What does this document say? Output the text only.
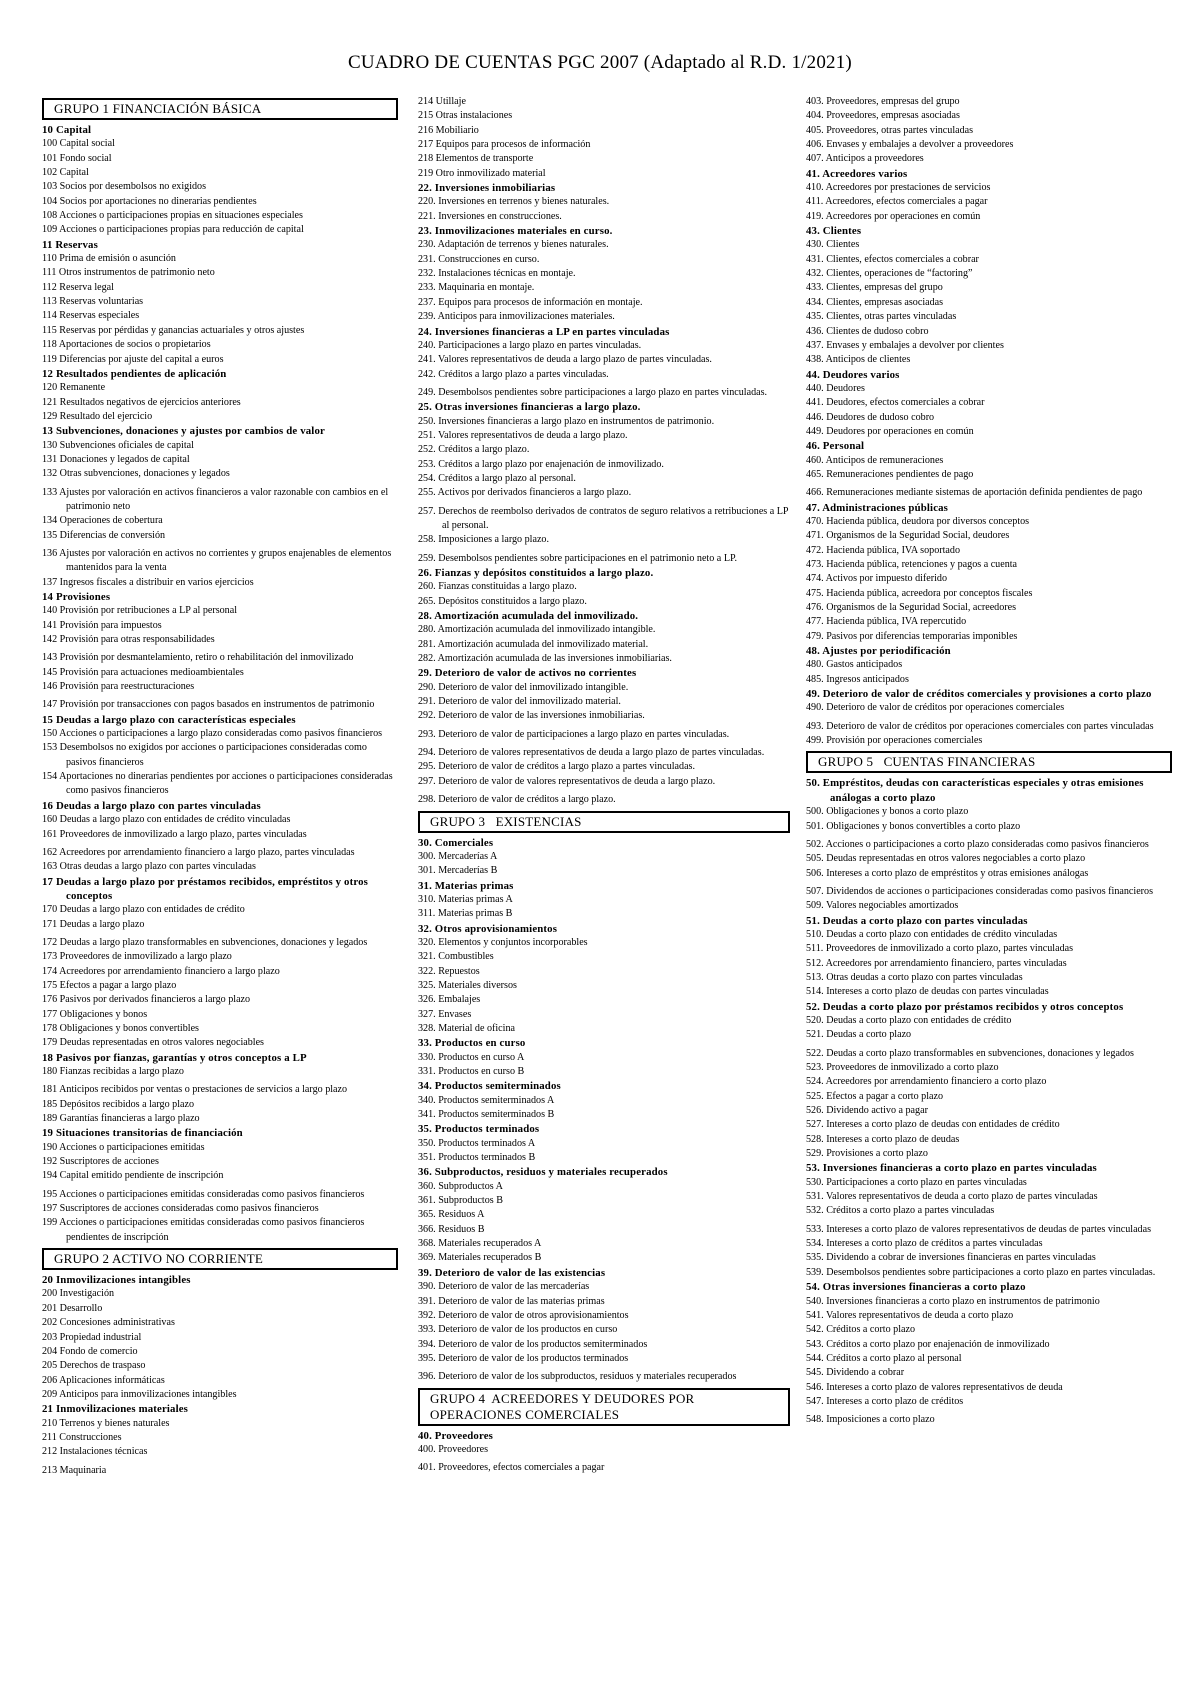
CUADRO DE CUENTAS PGC 2007 (Adaptado al R.D. 1/2021)
GRUPO 1 FINANCIACIÓN BÁSICA
10 Capital
100 Capital social
101 Fondo social
102 Capital
103 Socios por desembolsos no exigidos
104 Socios por aportaciones no dinerarias pendientes
108 Acciones o participaciones propias en situaciones especiales
109 Acciones o participaciones propias para reducción de capital
11 Reservas
110 Prima de emisión o asunción
111 Otros instrumentos de patrimonio neto
112 Reserva legal
113 Reservas voluntarias
114 Reservas especiales
115 Reservas por pérdidas y ganancias actuariales y otros ajustes
118 Aportaciones de socios o propietarios
119 Diferencias por ajuste del capital a euros
12 Resultados pendientes de aplicación
120 Remanente
121 Resultados negativos de ejercicios anteriores
129 Resultado del ejercicio
13 Subvenciones, donaciones y ajustes por cambios de valor
130 Subvenciones oficiales de capital
131 Donaciones y legados de capital
132 Otras subvenciones, donaciones y legados
133 Ajustes por valoración en activos financieros a valor razonable con cambios en el patrimonio neto
134 Operaciones de cobertura
135 Diferencias de conversión
136 Ajustes por valoración en activos no corrientes y grupos enajenables de elementos mantenidos para la venta
137 Ingresos fiscales a distribuir en varios ejercicios
14 Provisiones
140 Provisión por retribuciones a LP al personal
141 Provisión para impuestos
142 Provisión para otras responsabilidades
143 Provisión por desmantelamiento, retiro o rehabilitación del inmovilizado
145 Provisión para actuaciones medioambientales
146 Provisión para reestructuraciones
147 Provisión por transacciones con pagos basados en instrumentos de patrimonio
15 Deudas a largo plazo con características especiales
150 Acciones o participaciones a largo plazo consideradas como pasivos financieros
153 Desembolsos no exigidos por acciones o participaciones consideradas como pasivos financieros
154 Aportaciones no dinerarias pendientes por acciones o participaciones consideradas como pasivos financieros
16 Deudas a largo plazo con partes vinculadas
160 Deudas a largo plazo con entidades de crédito vinculadas
161 Proveedores de inmovilizado a largo plazo, partes vinculadas
162 Acreedores por arrendamiento financiero a largo plazo, partes vinculadas
163 Otras deudas a largo plazo con partes vinculadas
17 Deudas a largo plazo por préstamos recibidos, empréstitos y otros conceptos
170 Deudas a largo plazo con entidades de crédito
171 Deudas a largo plazo
172 Deudas a largo plazo transformables en subvenciones, donaciones y legados
173 Proveedores de inmovilizado a largo plazo
174 Acreedores por arrendamiento financiero a largo plazo
175 Efectos a pagar a largo plazo
176 Pasivos por derivados financieros a largo plazo
177 Obligaciones y bonos
178 Obligaciones y bonos convertibles
179 Deudas representadas en otros valores negociables
18 Pasivos por fianzas, garantías y otros conceptos a LP
180 Fianzas recibidas a largo plazo
181 Anticipos recibidos por ventas o prestaciones de servicios a largo plazo
185 Depósitos recibidos a largo plazo
189 Garantías financieras a largo plazo
19 Situaciones transitorias de financiación
190 Acciones o participaciones emitidas
192 Suscriptores de acciones
194 Capital emitido pendiente de inscripción
195 Acciones o participaciones emitidas consideradas como pasivos financieros
197 Suscriptores de acciones consideradas como pasivos financieros
199 Acciones o participaciones emitidas consideradas como pasivos financieros pendientes de inscripción
GRUPO 2 ACTIVO NO CORRIENTE
20 Inmovilizaciones intangibles
200 Investigación
201 Desarrollo
202 Concesiones administrativas
203 Propiedad industrial
204 Fondo de comercio
205 Derechos de traspaso
206 Aplicaciones informáticas
209 Anticipos para inmovilizaciones intangibles
21 Inmovilizaciones materiales
210 Terrenos y bienes naturales
211 Construcciones
212 Instalaciones técnicas
213 Maquinaria
214 Utillaje
215 Otras instalaciones
216 Mobiliario
217 Equipos para procesos de información
218 Elementos de transporte
219 Otro inmovilizado material
22. Inversiones inmobiliarias
220. Inversiones en terrenos y bienes naturales.
221. Inversiones en construcciones.
23. Inmovilizaciones materiales en curso.
230. Adaptación de terrenos y bienes naturales.
231. Construcciones en curso.
232. Instalaciones técnicas en montaje.
233. Maquinaria en montaje.
237. Equipos para procesos de información en montaje.
239. Anticipos para inmovilizaciones materiales.
24. Inversiones financieras a LP en partes vinculadas
240. Participaciones a largo plazo en partes vinculadas.
241. Valores representativos de deuda a largo plazo de partes vinculadas.
242. Créditos a largo plazo a partes vinculadas.
249. Desembolsos pendientes sobre participaciones a largo plazo en partes vinculadas.
25. Otras inversiones financieras a largo plazo.
250. Inversiones financieras a largo plazo en instrumentos de patrimonio.
251. Valores representativos de deuda a largo plazo.
252. Créditos a largo plazo.
253. Créditos a largo plazo por enajenación de inmovilizado.
254. Créditos a largo plazo al personal.
255. Activos por derivados financieros a largo plazo.
257. Derechos de reembolso derivados de contratos de seguro relativos a retribuciones a LP al personal.
258. Imposiciones a largo plazo.
259. Desembolsos pendientes sobre participaciones en el patrimonio neto a LP.
26. Fianzas y depósitos constituidos a largo plazo.
260. Fianzas constituidas a largo plazo.
265. Depósitos constituidos a largo plazo.
28. Amortización acumulada del inmovilizado.
280. Amortización acumulada del inmovilizado intangible.
281. Amortización acumulada del inmovilizado material.
282. Amortización acumulada de las inversiones inmobiliarias.
29. Deterioro de valor de activos no corrientes
290. Deterioro de valor del inmovilizado intangible.
291. Deterioro de valor del inmovilizado material.
292. Deterioro de valor de las inversiones inmobiliarias.
293. Deterioro de valor de participaciones a largo plazo en partes vinculadas.
294. Deterioro de valores representativos de deuda a largo plazo de partes vinculadas.
295. Deterioro de valor de créditos a largo plazo a partes vinculadas.
297. Deterioro de valor de valores representativos de deuda a largo plazo.
298. Deterioro de valor de créditos a largo plazo.
GRUPO 3   EXISTENCIAS
30. Comerciales
300. Mercaderías A
301. Mercaderías B
31. Materias primas
310. Materias primas A
311. Materias primas B
32. Otros aprovisionamientos
320. Elementos y conjuntos incorporables
321. Combustibles
322. Repuestos
325. Materiales diversos
326. Embalajes
327. Envases
328. Material de oficina
33. Productos en curso
330. Productos en curso A
331. Productos en curso B
34. Productos semiterminados
340. Productos semiterminados A
341. Productos semiterminados B
35. Productos terminados
350. Productos terminados A
351. Productos terminados B
36. Subproductos, residuos y materiales recuperados
360. Subproductos A
361. Subproductos B
365. Residuos A
366. Residuos B
368. Materiales recuperados A
369. Materiales recuperados B
39. Deterioro de valor de las existencias
390. Deterioro de valor de las mercaderías
391. Deterioro de valor de las materias primas
392. Deterioro de valor de otros aprovisionamientos
393. Deterioro de valor de los productos en curso
394. Deterioro de valor de los productos semiterminados
395. Deterioro de valor de los productos terminados
396. Deterioro de valor de los subproductos, residuos y materiales recuperados
GRUPO 4  ACREEDORES Y DEUDORES POR OPERACIONES COMERCIALES
40. Proveedores
400. Proveedores
401. Proveedores, efectos comerciales a pagar
403. Proveedores, empresas del grupo
404. Proveedores, empresas asociadas
405. Proveedores, otras partes vinculadas
406. Envases y embalajes a devolver a proveedores
407. Anticipos a proveedores
41. Acreedores varios
410. Acreedores por prestaciones de servicios
411. Acreedores, efectos comerciales a pagar
419. Acreedores por operaciones en común
43. Clientes
430. Clientes
431. Clientes, efectos comerciales a cobrar
432. Clientes, operaciones de “factoring”
433. Clientes, empresas del grupo
434. Clientes, empresas asociadas
435. Clientes, otras partes vinculadas
436. Clientes de dudoso cobro
437. Envases y embalajes a devolver por clientes
438. Anticipos de clientes
44. Deudores varios
440. Deudores
441. Deudores, efectos comerciales a cobrar
446. Deudores de dudoso cobro
449. Deudores por operaciones en común
46. Personal
460. Anticipos de remuneraciones
465. Remuneraciones pendientes de pago
466. Remuneraciones mediante sistemas de aportación definida pendientes de pago
47. Administraciones públicas
470. Hacienda pública, deudora por diversos conceptos
471. Organismos de la Seguridad Social, deudores
472. Hacienda pública, IVA soportado
473. Hacienda pública, retenciones y pagos a cuenta
474. Activos por impuesto diferido
475. Hacienda pública, acreedora por conceptos fiscales
476. Organismos de la Seguridad Social, acreedores
477. Hacienda pública, IVA repercutido
479. Pasivos por diferencias temporarias imponibles
48. Ajustes por periodificación
480. Gastos anticipados
485. Ingresos anticipados
49. Deterioro de valor de créditos comerciales y provisiones a corto plazo
490. Deterioro de valor de créditos por operaciones comerciales
493. Deterioro de valor de créditos por operaciones comerciales con partes vinculadas
499. Provisión por operaciones comerciales
GRUPO 5   CUENTAS FINANCIERAS
50. Empréstitos, deudas con características especiales y otras emisiones análogas a corto plazo
500. Obligaciones y bonos a corto plazo
501. Obligaciones y bonos convertibles a corto plazo
502. Acciones o participaciones a corto plazo consideradas como pasivos financieros
505. Deudas representadas en otros valores negociables a corto plazo
506. Intereses a corto plazo de empréstitos y otras emisiones análogas
507. Dividendos de acciones o participaciones consideradas como pasivos financieros
509. Valores negociables amortizados
51. Deudas a corto plazo con partes vinculadas
510. Deudas a corto plazo con entidades de crédito vinculadas
511. Proveedores de inmovilizado a corto plazo, partes vinculadas
512. Acreedores por arrendamiento financiero, partes vinculadas
513. Otras deudas a corto plazo con partes vinculadas
514. Intereses a corto plazo de deudas con partes vinculadas
52. Deudas a corto plazo por préstamos recibidos y otros conceptos
520. Deudas a corto plazo con entidades de crédito
521. Deudas a corto plazo
522. Deudas a corto plazo transformables en subvenciones, donaciones y legados
523. Proveedores de inmovilizado a corto plazo
524. Acreedores por arrendamiento financiero a corto plazo
525. Efectos a pagar a corto plazo
526. Dividendo activo a pagar
527. Intereses a corto plazo de deudas con entidades de crédito
528. Intereses a corto plazo de deudas
529. Provisiones a corto plazo
53. Inversiones financieras a corto plazo en partes vinculadas
530. Participaciones a corto plazo en partes vinculadas
531. Valores representativos de deuda a corto plazo de partes vinculadas
532. Créditos a corto plazo a partes vinculadas
533. Intereses a corto plazo de valores representativos de deudas de partes vinculadas
534. Intereses a corto plazo de créditos a partes vinculadas
535. Dividendo a cobrar de inversiones financieras en partes vinculadas
539. Desembolsos pendientes sobre participaciones a corto plazo en partes vinculadas.
54. Otras inversiones financieras a corto plazo
540. Inversiones financieras a corto plazo en instrumentos de patrimonio
541. Valores representativos de deuda a corto plazo
542. Créditos a corto plazo
543. Créditos a corto plazo por enajenación de inmovilizado
544. Créditos a corto plazo al personal
545. Dividendo a cobrar
546. Intereses a corto plazo de valores representativos de deuda
547. Intereses a corto plazo de créditos
548. Imposiciones a corto plazo
